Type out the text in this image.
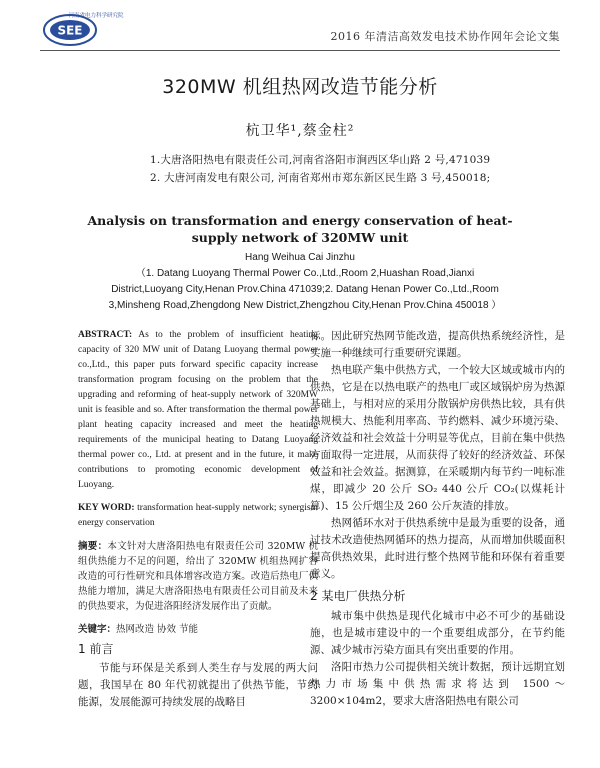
SEE
河南省电力科学研究院
2016 年清洁高效发电技术协作网年会论文集
320MW 机组热网改造节能分析
杭卫华¹,蔡金柱²
1.大唐洛阳热电有限责任公司,河南省洛阳市涧西区华山路 2 号,471039
2. 大唐河南发电有限公司, 河南省郑州市郑东新区民生路 3 号,450018;
Analysis on transformation and energy conservation of heat-supply network of 320MW unit
Hang Weihua Cai Jinzhu
（1. Datang Luoyang Thermal Power Co.,Ltd.,Room 2,Huashan Road,Jianxi District,Luoyang City,Henan Prov.China 471039;2. Datang Henan Power Co.,Ltd.,Room 3,Minsheng Road,Zhengdong New District,Zhengzhou City,Henan Prov.China 450018 ）

ABSTRACT: As to the problem of insufficient heating capacity of 320 MW unit of Datang Luoyang thermal power co.,Ltd., this paper puts forward specific capacity increase transformation program focusing on the problem that the upgrading and reforming of heat-supply network of 320MW unit is feasible and so. After transformation the thermal power plant heating capacity increased and meet the heating requirements of the municipal heating to Datang Luoyang thermal power co., Ltd. at present and in the future, it make contributions to promoting economic development of Luoyang.

KEY WORD: transformation heat-supply network; synergism energy conservation

摘要：本文针对大唐洛阳热电有限责任公司 320MW 机组供热能力不足的问题，给出了 320MW 机组热网扩容改造的可行性研究和具体增容改造方案。改造后热电厂供热能力增加，满足大唐洛阳热电有限责任公司目前及未来的供热要求，为促进洛阳经济发展作出了贡献。

关键字：热网改造 协效 节能

1 前言

节能与环保是关系到人类生存与发展的两大问题，我国早在 80 年代初就提出了供热节能，节约能源，发展能源可持续发展的战略目

标。因此研究热网节能改造，提高供热系统经济性，是实施一种继续可行重要研究课题。

热电联产集中供热方式，一个较大区域或城市内的供热，它是在以热电联产的热电厂或区域锅炉房为热源基础上，与相对应的采用分散锅炉房供热比较，具有供热规模大、热能利用率高、节约燃料、减少环境污染、经济效益和社会效益十分明显等优点，目前在集中供热方面取得一定进展，从而获得了较好的经济效益、环保效益和社会效益。据测算，在采暖期内每节约一吨标准煤，即减少 20 公斤 SO₂ 440 公斤 CO₂(以煤耗计算)、15 公斤烟尘及 260 公斤灰渣的排放。

热网循环水对于供热系统中是最为重要的设备，通过技术改造使热网循环的热力提高，从而增加供暖面积提高供热效果，此时进行整个热网节能和环保有着重要意义。

2 某电厂供热分析

城市集中供热是现代化城市中必不可少的基础设施，也是城市建设中的一个重要组成部分，在节约能源、减少城市污染方面具有突出重要的作用。

洛阳市热力公司提供相关统计数据，预计远期宜划热力市场集中供热需求将达到 1500～3200×104m2，要求大唐洛阳热电有限公司
